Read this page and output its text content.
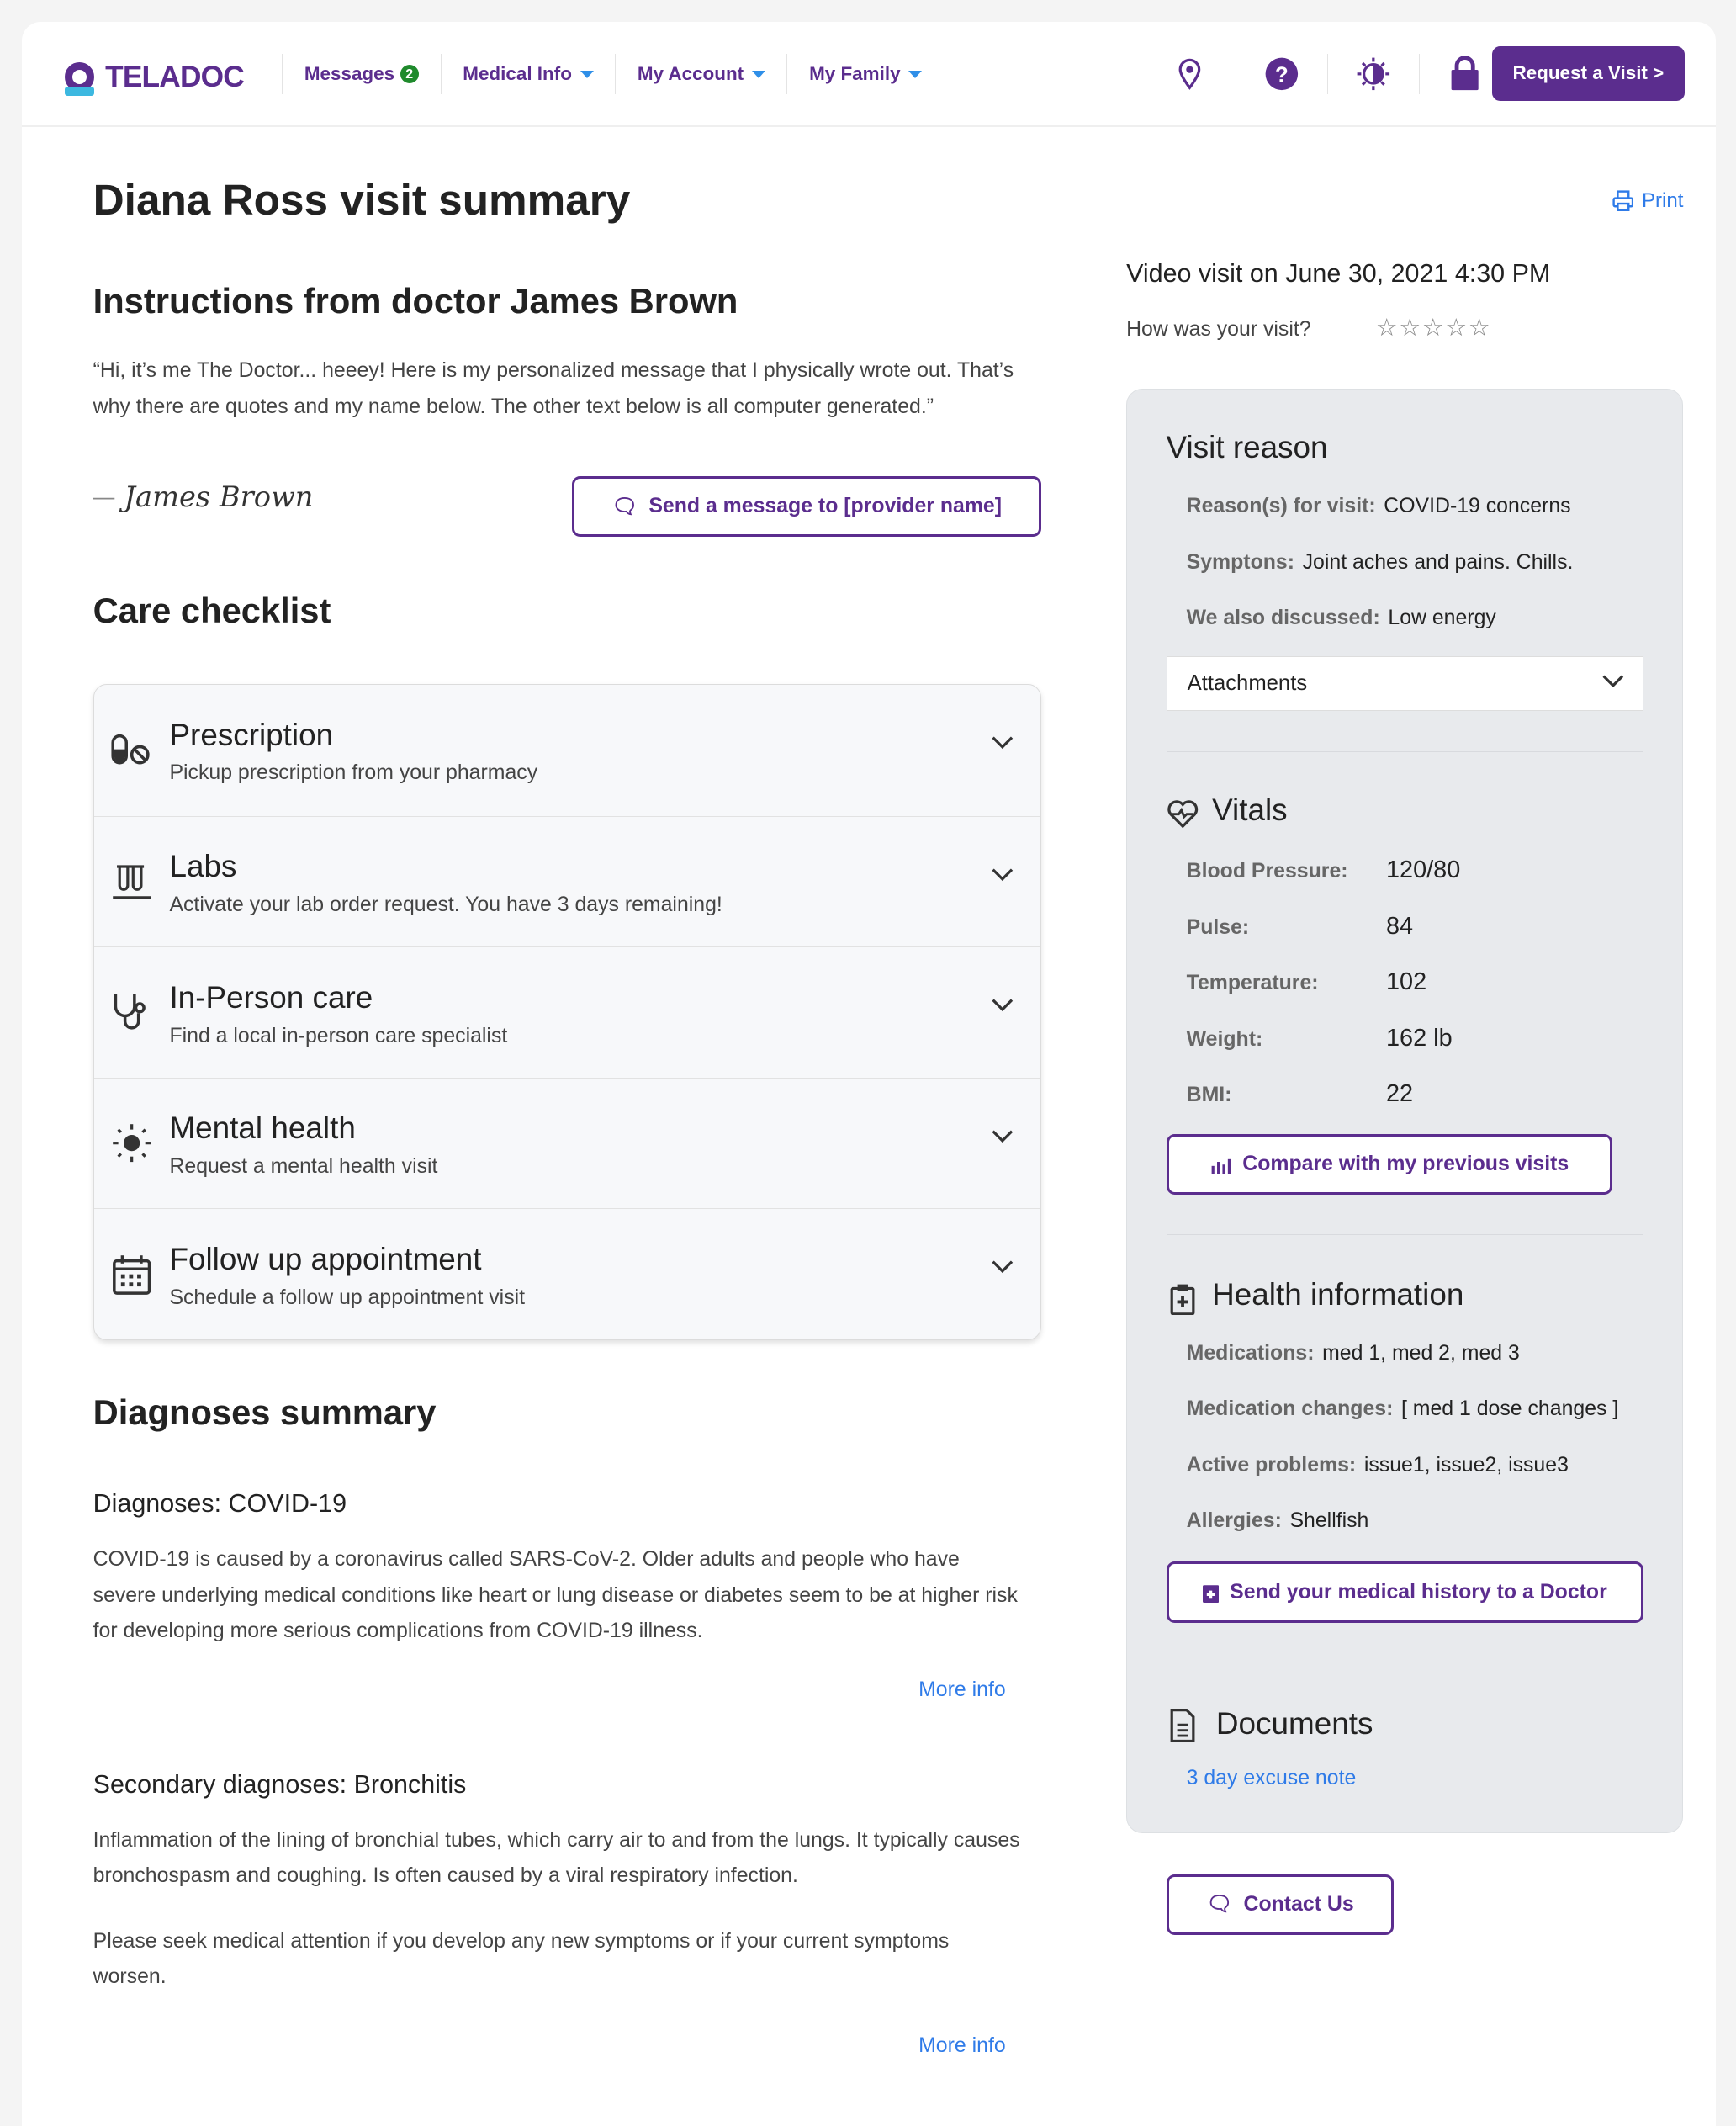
TELADOC	Messages	2	Medical Info	My Account	My Family	?	Request a Visit >
Diana Ross visit summary	Print
Instructions from doctor James Brown
“Hi, it’s me The Doctor... heeey! Here is my personalized message that I physically wrote out. That’s why there are quotes and my name below. The other text below is all computer generated.”
— James Brown	🗨 Send a message to [provider name]
Care checklist
Prescription
Pickup prescription from your pharmacy
Labs
Activate your lab order request. You have 3 days remaining!
In-Person care
Find a local in-person care specialist
Mental health
Request a mental health visit
Follow up appointment
Schedule a follow up appointment visit
Diagnoses summary
Diagnoses: COVID-19
COVID-19 is caused by a coronavirus called SARS-CoV-2. Older adults and people who have severe underlying medical conditions like heart or lung disease or diabetes seem to be at higher risk for developing more serious complications from COVID-19 illness.
More info
Secondary diagnoses: Bronchitis
Inflammation of the lining of bronchial tubes, which carry air to and from the lungs. It typically causes bronchospasm and coughing. Is often caused by a viral respiratory infection.
Please seek medical attention if you develop any new symptoms or if your current symptoms worsen.
More info
Video visit on June 30, 2021 4:30 PM
How was your visit?	☆☆☆☆☆
Visit reason
Reason(s) for visit: COVID-19 concerns
Symptons: Joint aches and pains. Chills.
We also discussed: Low energy
Attachments
Vitals
Blood Pressure:	120/80
Pulse:	84
Temperature:	102
Weight:	162 lb
BMI:	22
Compare with my previous visits
Health information
Medications: med 1, med 2, med 3
Medication changes: [ med 1 dose changes ]
Active problems: issue1, issue2, issue3
Allergies: Shellfish
Send your medical history to a Doctor
Documents
3 day excuse note
🗨 Contact Us
